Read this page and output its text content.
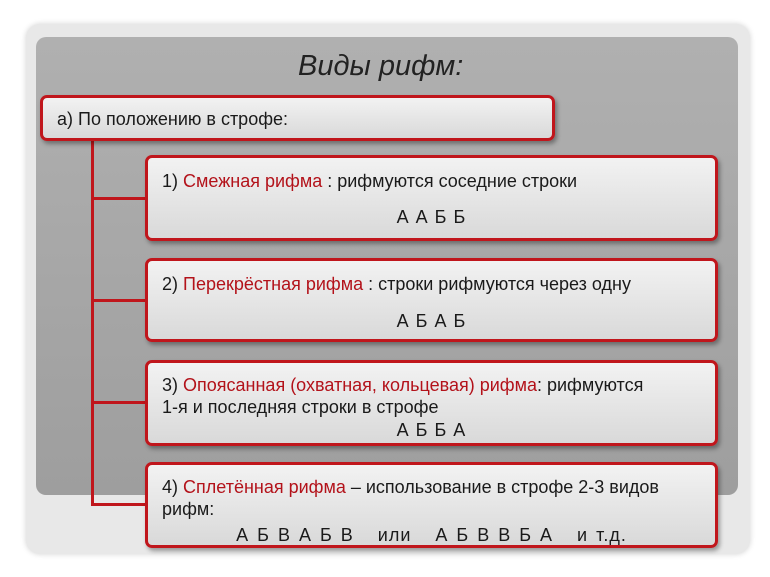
Виды рифм:
а) По положению в строфе:
1) Смежная рифма : рифмуются соседние строки
А А Б Б
2) Перекрёстная рифма : строки рифмуются через одну
А Б А Б
3) Опоясанная (охватная, кольцевая) рифма: рифмуются
1-я и последняя строки в строфе
А Б Б А
4) Сплетённая рифма – использование в строфе 2-3 видов
рифм:
А Б В А Б В   или   А Б В В Б А   и т.д.
